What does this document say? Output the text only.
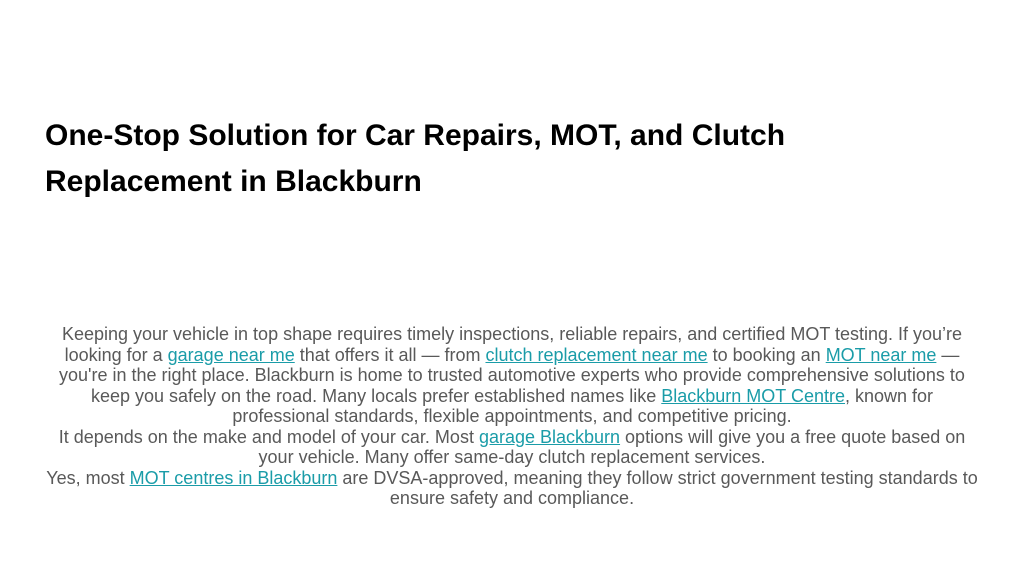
One-Stop Solution for Car Repairs, MOT, and Clutch
Replacement in Blackburn

Keeping your vehicle in top shape requires timely inspections, reliable repairs, and certified MOT testing. If you’re looking for a garage near me that offers it all — from clutch replacement near me to booking an MOT near me — you're in the right place. Blackburn is home to trusted automotive experts who provide comprehensive solutions to keep you safely on the road. Many locals prefer established names like Blackburn MOT Centre, known for professional standards, flexible appointments, and competitive pricing.

It depends on the make and model of your car. Most garage Blackburn options will give you a free quote based on your vehicle. Many offer same-day clutch replacement services.

Yes, most MOT centres in Blackburn are DVSA-approved, meaning they follow strict government testing standards to ensure safety and compliance.
